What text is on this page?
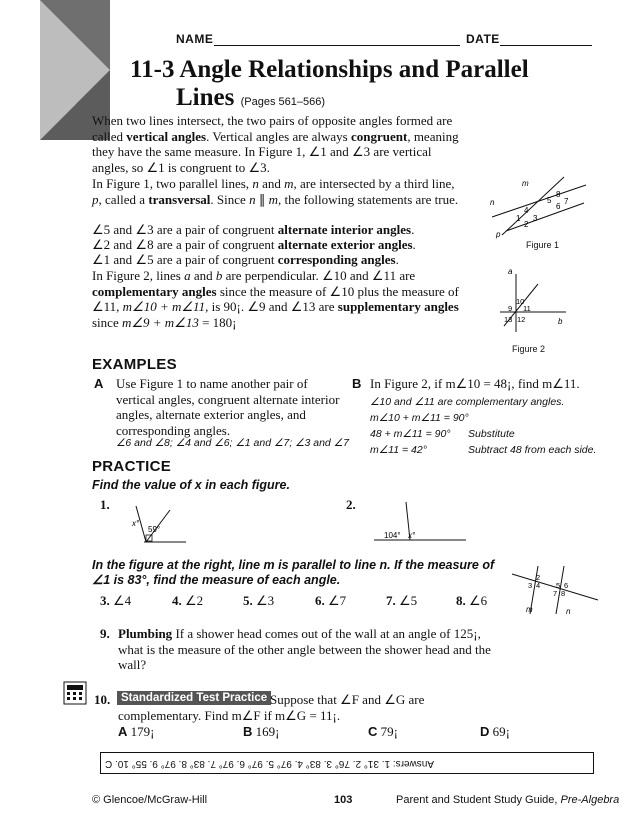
NAME	DATE
11-3 Angle Relationships and Parallel
Lines (Pages 561–566)
When two lines intersect, the two pairs of opposite angles formed are called vertical angles. Vertical angles are always congruent, meaning they have the same measure. In Figure 1, ∠1 and ∠3 are vertical angles, so ∠1 is congruent to ∠3.
In Figure 1, two parallel lines, n and m, are intersected by a third line, p, called a transversal. Since n ∥ m, the following statements are true.
∠5 and ∠3 are a pair of congruent alternate interior angles.
∠2 and ∠8 are a pair of congruent alternate exterior angles.
∠1 and ∠5 are a pair of congruent corresponding angles.
In Figure 2, lines a and b are perpendicular. ∠10 and ∠11 are complementary angles since the measure of ∠10 plus the measure of ∠11, m∠10 + m∠11, is 90¡. ∠9 and ∠13 are supplementary angles since m∠9 + m∠13 = 180¡
m
n
p
1
2
3
4
5
6
7
8
Figure 1
a
b
9
10
11
12
13
Figure 2
EXAMPLES
A Use Figure 1 to name another pair of vertical angles, congruent alternate interior angles, alternate exterior angles, and corresponding angles.
∠6 and ∠8; ∠4 and ∠6; ∠1 and ∠7; ∠3 and ∠7
B In Figure 2, if m∠10 = 48¡, find m∠11.
∠10 and ∠11 are complementary angles.
m∠10 + m∠11 = 90°
48 + m∠11 = 90° Substitute
m∠11 = 42°	Subtract 48 from each side.
PRACTICE
Find the value of x in each figure.
1.
x°
59°
2.
104° x°
In the figure at the right, line m is parallel to line n. If the measure of ∠1 is 83°, find the measure of each angle.
m	n
2
3 4 5 6
7 8
3. ∠4	4. ∠2	5. ∠3	6. ∠7	7. ∠5	8. ∠6
9. Plumbing If a shower head comes out of the wall at an angle of 125¡, what is the measure of the other angle between the shower head and the wall?
10. Standardized Test Practice Suppose that ∠F and ∠G are complementary. Find m∠F if m∠G = 11¡.
A 179¡	B 169¡	C 79¡	D 69¡
Answers: 1. 31° 2. 76° 3. 83° 4. 97° 5. 97° 6. 97° 7. 83° 8. 97° 9. 55° 10. C
© Glencoe/McGraw-Hill	103	Parent and Student Study Guide, Pre-Algebra
